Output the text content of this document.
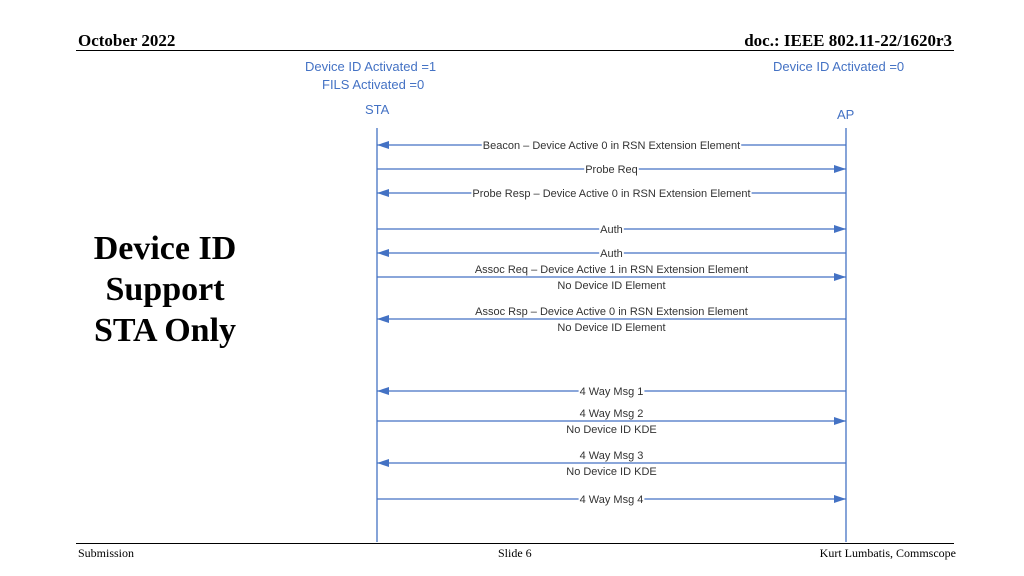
October 2022	doc.: IEEE 802.11-22/1620r3
Device ID
Support
STA Only
Device ID Activated =1
FILS Activated =0
STA
Device ID Activated =0
AP
Beacon – Device Active 0 in RSN Extension Element
Probe Req
Probe Resp – Device Active 0 in RSN Extension Element
Auth
Auth
Assoc Req – Device Active 1 in RSN Extension Element
No Device ID Element
Assoc Rsp – Device Active 0 in RSN Extension Element
No Device ID Element
4 Way Msg 1
4 Way Msg 2
No Device ID KDE
4 Way Msg 3
No Device ID KDE
4 Way Msg 4
Submission	Slide 6	Kurt Lumbatis, Commscope
